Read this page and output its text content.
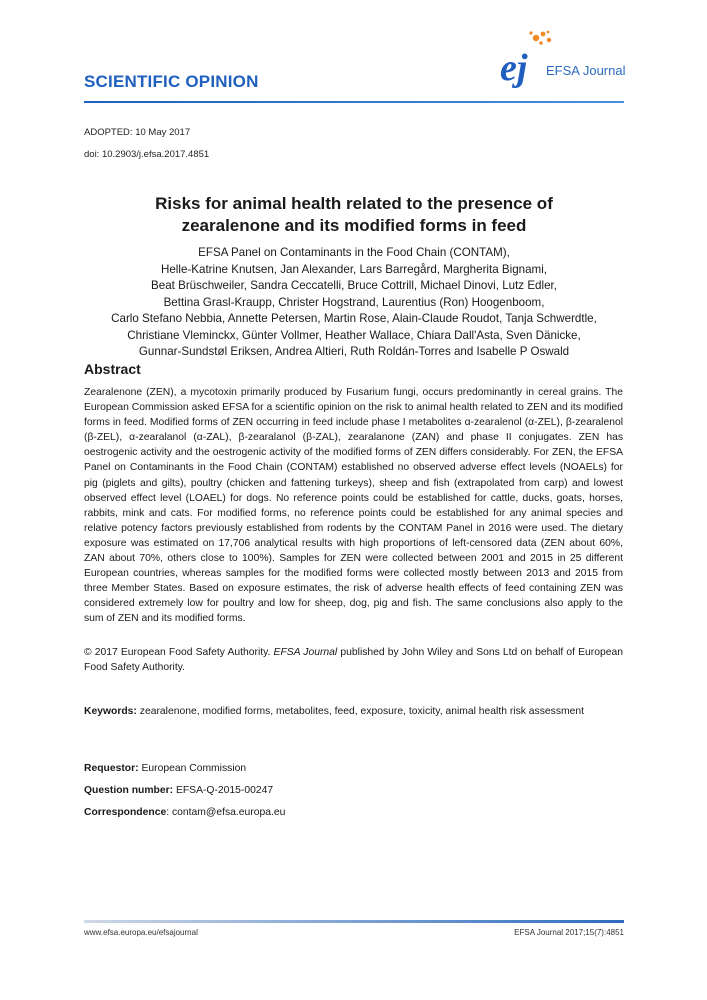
SCIENTIFIC OPINION	ej EFSA Journal
ADOPTED: 10 May 2017
doi: 10.2903/j.efsa.2017.4851
Risks for animal health related to the presence of
zearalenone and its modified forms in feed
EFSA Panel on Contaminants in the Food Chain (CONTAM),
Helle-Katrine Knutsen, Jan Alexander, Lars Barregård, Margherita Bignami,
Beat Brüschweiler, Sandra Ceccatelli, Bruce Cottrill, Michael Dinovi, Lutz Edler,
Bettina Grasl-Kraupp, Christer Hogstrand, Laurentius (Ron) Hoogenboom,
Carlo Stefano Nebbia, Annette Petersen, Martin Rose, Alain-Claude Roudot, Tanja Schwerdtle,
Christiane Vleminckx, Günter Vollmer, Heather Wallace, Chiara Dall'Asta, Sven Dänicke,
Gunnar-Sundstøl Eriksen, Andrea Altieri, Ruth Roldán-Torres and Isabelle P Oswald
Abstract
Zearalenone (ZEN), a mycotoxin primarily produced by Fusarium fungi, occurs predominantly in cereal grains. The European Commission asked EFSA for a scientific opinion on the risk to animal health related to ZEN and its modified forms in feed. Modified forms of ZEN occurring in feed include phase I metabolites α-zearalenol (α-ZEL), β-zearalenol (β-ZEL), α-zearalanol (α-ZAL), β-zearalanol (β-ZAL), zearalanone (ZAN) and phase II conjugates. ZEN has oestrogenic activity and the oestrogenic activity of the modified forms of ZEN differs considerably. For ZEN, the EFSA Panel on Contaminants in the Food Chain (CONTAM) established no observed adverse effect levels (NOAELs) for pig (piglets and gilts), poultry (chicken and fattening turkeys), sheep and fish (extrapolated from carp) and lowest observed effect level (LOAEL) for dogs. No reference points could be established for cattle, ducks, goats, horses, rabbits, mink and cats. For modified forms, no reference points could be established for any animal species and relative potency factors previously established from rodents by the CONTAM Panel in 2016 were used. The dietary exposure was estimated on 17,706 analytical results with high proportions of left-censored data (ZEN about 60%, ZAN about 70%, others close to 100%). Samples for ZEN were collected between 2001 and 2015 in 25 different European countries, whereas samples for the modified forms were collected mostly between 2013 and 2015 from three Member States. Based on exposure estimates, the risk of adverse health effects of feed containing ZEN was considered extremely low for poultry and low for sheep, dog, pig and fish. The same conclusions also apply to the sum of ZEN and its modified forms.
© 2017 European Food Safety Authority. EFSA Journal published by John Wiley and Sons Ltd on behalf of European Food Safety Authority.
Keywords: zearalenone, modified forms, metabolites, feed, exposure, toxicity, animal health risk assessment
Requestor: European Commission
Question number: EFSA-Q-2015-00247
Correspondence: contam@efsa.europa.eu
www.efsa.europa.eu/efsajournal	EFSA Journal 2017;15(7):4851
